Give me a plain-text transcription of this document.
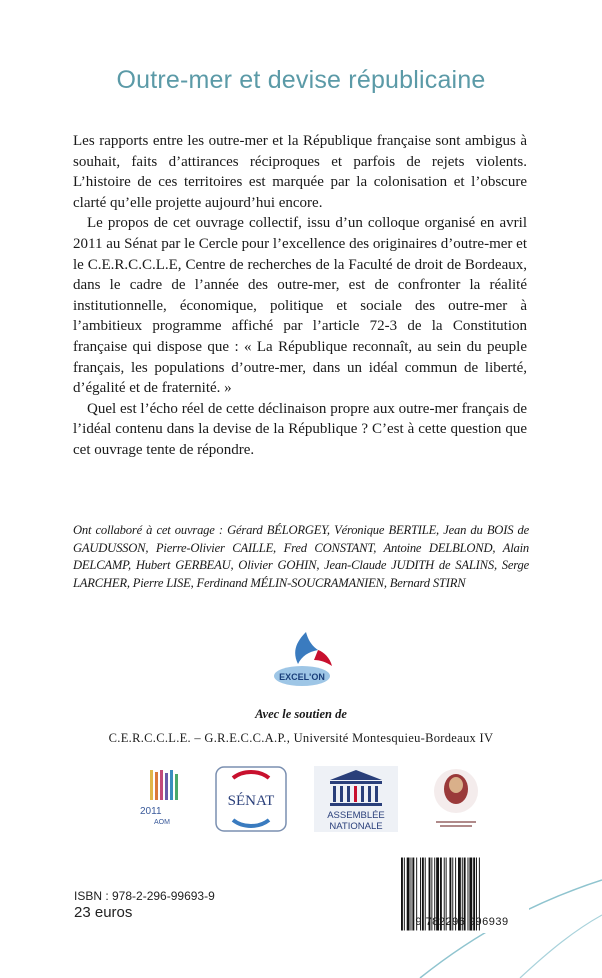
Outre-mer et devise républicaine

Les rapports entre les outre-mer et la République française sont ambigus à souhait, faits d’attirances réciproques et parfois de rejets violents. L’histoire de ces territoires est marquée par la colonisation et l’obscure clarté qu’elle projette aujourd’hui encore.

Le propos de cet ouvrage collectif, issu d’un colloque organisé en avril 2011 au Sénat par le Cercle pour l’excellence des originaires d’outre-mer et le C.E.R.C.C.L.E, Centre de recherches de la Faculté de droit de Bordeaux, dans le cadre de l’année des outre-mer, est de confronter la réalité institutionnelle, économique, politique et sociale des outre-mer à l’ambitieux programme affiché par l’article 72-3 de la Constitution française qui dispose que : « La République reconnaît, au sein du peuple français, les populations d’outre-mer, dans un idéal commun de liberté, d’égalité et de fraternité. »

Quel est l’écho réel de cette déclinaison propre aux outre-mer français de l’idéal contenu dans la devise de la République ? C’est à cette question que cet ouvrage tente de répondre.

Ont collaboré à cet ouvrage : Gérard BÉLORGEY, Véronique BERTILE, Jean du BOIS de GAUDUSSON, Pierre-Olivier CAILLE, Fred CONSTANT, Antoine DELBLOND, Alain DELCAMP, Hubert GERBEAU, Olivier GOHIN, Jean-Claude JUDITH de SALINS, Serge LARCHER, Pierre LISE, Ferdinand MÉLIN-SOUCRAMANIEN, Bernard STIRN
EXCEL'ON
Avec le soutien de
C.E.R.C.C.L.E. – G.R.E.C.C.A.P., Université Montesquieu-Bordeaux IV
2011
AOM
SÉNAT
ASSEMBLÉE
NATIONALE
ISBN : 978-2-296-99693-9
23 euros
9 782296 996939
